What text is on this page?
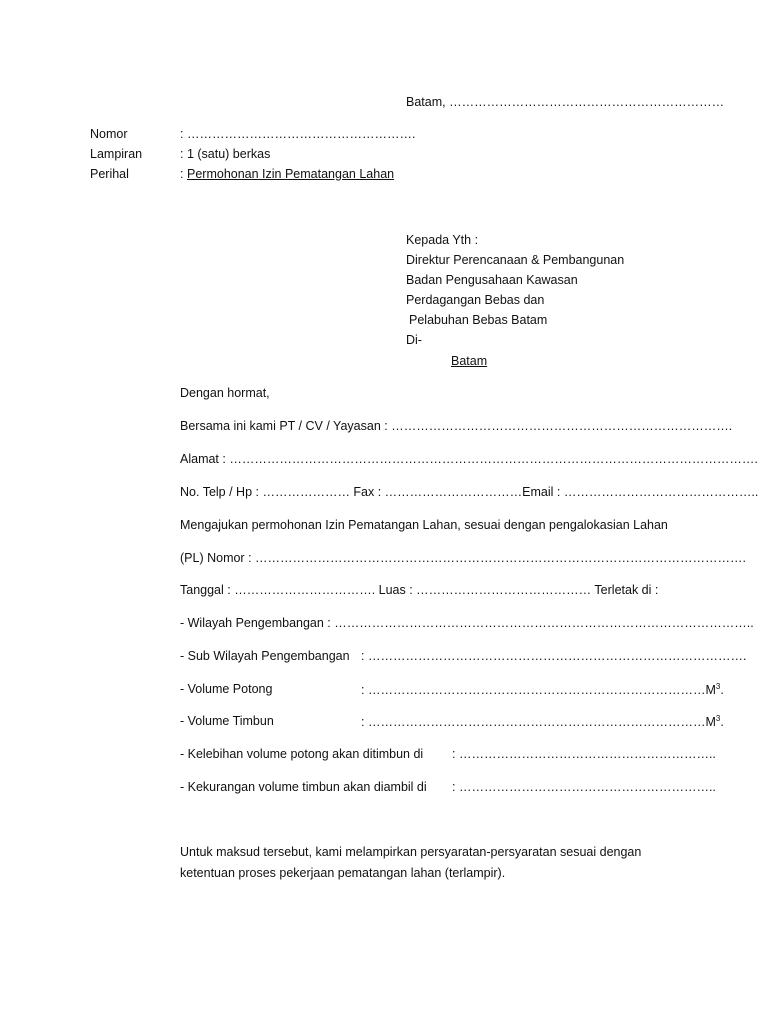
Batam, …………………………………………………………
Nomor	: ……………………………………………….
Lampiran	: 1 (satu) berkas
Perihal	: Permohonan Izin Pematangan Lahan
Kepada Yth :
Direktur Perencanaan & Pembangunan
Badan Pengusahaan Kawasan
Perdagangan Bebas dan
Pelabuhan Bebas Batam
Di-
Batam
Dengan hormat,
Bersama ini kami PT / CV / Yayasan : ……………………………………………………………………….
Alamat : ……………………………………………………………………………………………………………….
No. Telp / Hp : ………………… Fax : ……………………………Email : ………………………………………..
Mengajukan permohonan Izin Pematangan Lahan, sesuai dengan pengalokasian Lahan
(PL) Nomor : ……………………………………………………………………………………………………….
Tanggal : ……………………………. Luas : …………………………………… Terletak di :
- Wilayah Pengembangan : ………………………………………………………………………………………..
- Sub Wilayah Pengembangan : ……………………………………………………………………………….
- Volume Potong	: $\dots\dots\dots\dots\dots\dots\dots\dots\dots\dots\dots\dots\dots\dots\dots\dots\dots\dots\dots\dots\dots\dots\dots\dots\dots\dots\dots M^3$.
- Volume Timbun	: $\dots\dots\dots\dots\dots\dots\dots\dots\dots\dots\dots\dots\dots\dots\dots\dots\dots\dots\dots\dots\dots\dots\dots\dots\dots\dots\dots M^3$.
- Kelebihan volume potong akan ditimbun di : ……………………………………………………..
- Kekurangan volume timbun akan diambil di : ……………………………………………………..
Untuk maksud tersebut, kami melampirkan persyaratan-persyaratan sesuai dengan
ketentuan proses pekerjaan pematangan lahan (terlampir).
